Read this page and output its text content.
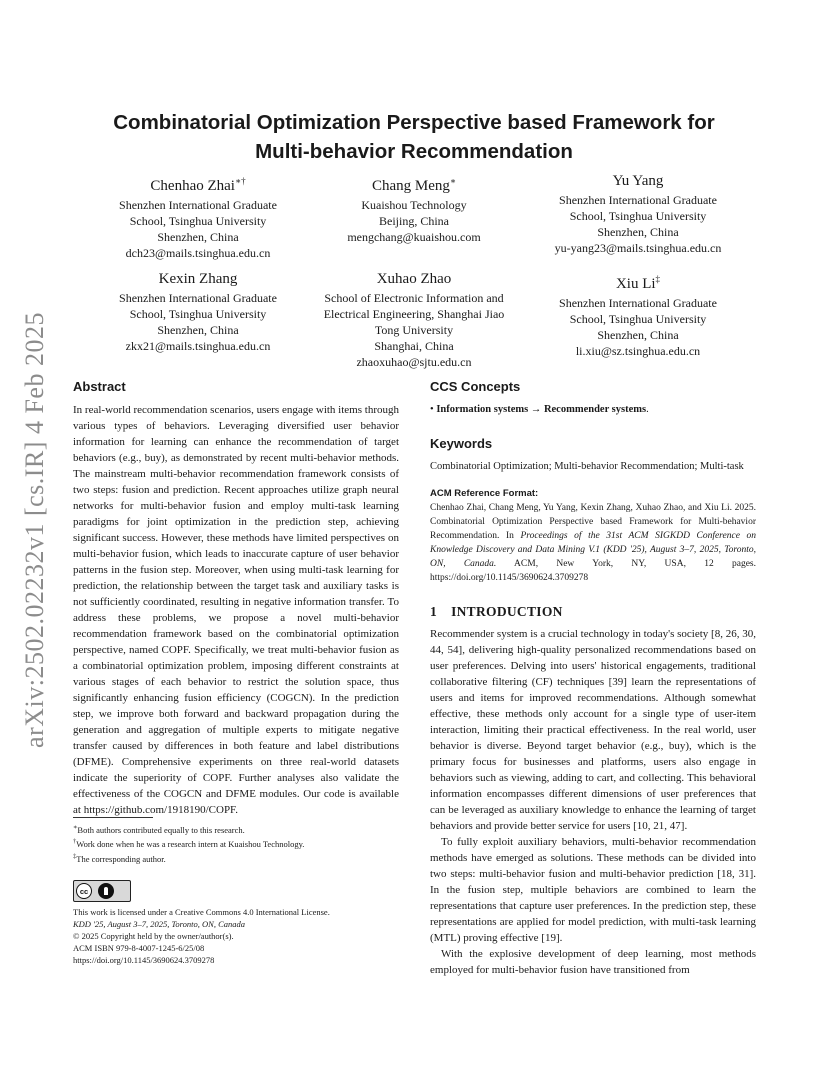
arXiv:2502.02232v1 [cs.IR] 4 Feb 2025
Combinatorial Optimization Perspective based Framework for
Multi-behavior Recommendation
Chenhao Zhai∗†
Shenzhen International Graduate
School, Tsinghua University
Shenzhen, China
dch23@mails.tsinghua.edu.cn
Chang Meng∗
Kuaishou Technology
Beijing, China
mengchang@kuaishou.com
Yu Yang
Shenzhen International Graduate
School, Tsinghua University
Shenzhen, China
yu-yang23@mails.tsinghua.edu.cn
Kexin Zhang
Shenzhen International Graduate
School, Tsinghua University
Shenzhen, China
zkx21@mails.tsinghua.edu.cn
Xuhao Zhao
School of Electronic Information and
Electrical Engineering, Shanghai Jiao
Tong University
Shanghai, China
zhaoxuhao@sjtu.edu.cn
Xiu Li‡
Shenzhen International Graduate
School, Tsinghua University
Shenzhen, China
li.xiu@sz.tsinghua.edu.cn
Abstract

In real-world recommendation scenarios, users engage with items through various types of behaviors. Leveraging diversified user behavior information for learning can enhance the recommendation of target behaviors (e.g., buy), as demonstrated by recent multi-behavior methods. The mainstream multi-behavior recommendation framework consists of two steps: fusion and prediction. Recent approaches utilize graph neural networks for multi-behavior fusion and employ multi-task learning paradigms for joint optimization in the prediction step, achieving significant success. However, these methods have limited perspectives on multi-behavior fusion, which leads to inaccurate capture of user behavior patterns in the fusion step. Moreover, when using multi-task learning for prediction, the relationship between the target task and auxiliary tasks is not sufficiently coordinated, resulting in negative information transfer. To address these problems, we propose a novel multi-behavior recommendation framework based on the combinatorial optimization perspective, named COPF. Specifically, we treat multi-behavior fusion as a combinatorial optimization problem, imposing different constraints at various stages of each behavior to restrict the solution space, thus significantly enhancing fusion efficiency (COGCN). In the prediction step, we improve both forward and backward propagation during the generation and aggregation of multiple experts to mitigate negative transfer caused by differences in both feature and label distributions (DFME). Comprehensive experiments on three real-world datasets indicate the superiority of COPF. Further analyses also validate the effectiveness of the COGCN and DFME modules. Our code is available at https://github.com/1918190/COPF.

∗Both authors contributed equally to this research.
†Work done when he was a research intern at Kuaishou Technology.
‡The corresponding author.
cc
This work is licensed under a Creative Commons 4.0 International License.
KDD '25, August 3–7, 2025, Toronto, ON, Canada
© 2025 Copyright held by the owner/author(s).
ACM ISBN 979-8-4007-1245-6/25/08
https://doi.org/10.1145/3690624.3709278
CCS Concepts

• Information systems → Recommender systems.

Keywords

Combinatorial Optimization; Multi-behavior Recommendation; Multi-task

ACM Reference Format:

Chenhao Zhai, Chang Meng, Yu Yang, Kexin Zhang, Xuhao Zhao, and Xiu Li. 2025. Combinatorial Optimization Perspective based Framework for Multi-behavior Recommendation. In Proceedings of the 31st ACM SIGKDD Conference on Knowledge Discovery and Data Mining V.1 (KDD '25), August 3–7, 2025, Toronto, ON, Canada. ACM, New York, NY, USA, 12 pages. https://doi.org/10.1145/3690624.3709278

1 INTRODUCTION

Recommender system is a crucial technology in today's society [8, 26, 30, 44, 54], delivering high-quality personalized recommendations based on user preferences. Delving into users' historical engagements, traditional collaborative filtering (CF) techniques [39] learn the representations of users and items for improved recommendations. Although somewhat effective, these methods only account for a single type of user-item interaction, limiting their practical effectiveness. In the real world, user behavior is diverse. Beyond target behavior (e.g., buy), which is the primary focus for businesses and platforms, users also engage in behaviors such as viewing, adding to cart, and collecting. This behavioral information encompasses different dimensions of user preferences that can be leveraged as auxiliary knowledge to enhance the learning of target behaviors and provide better service for users [10, 21, 47].

To fully exploit auxiliary behaviors, multi-behavior recommendation methods have emerged as solutions. These methods can be divided into two steps: multi-behavior fusion and multi-behavior prediction [18, 31]. In the fusion step, multiple behaviors are combined to learn the representations that capture user preferences. In the prediction step, these representations are applied for model prediction, with multi-task learning (MTL) proving effective [19].

With the explosive development of deep learning, most methods employed for multi-behavior fusion have transitioned from
